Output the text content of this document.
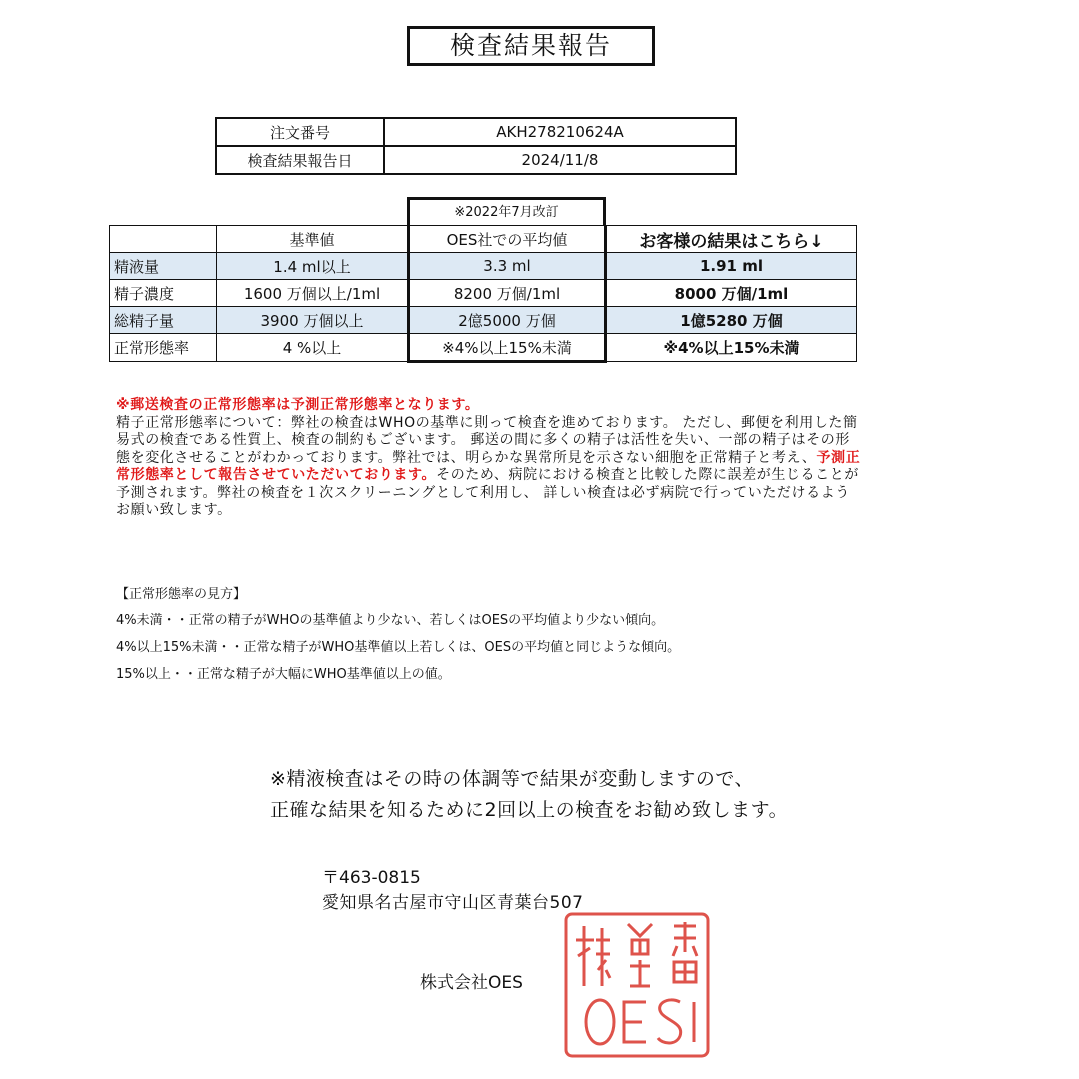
検査結果報告
注文番号	AKH278210624A
検査結果報告日	2024/11/8
※2022年7月改訂
	基準値	OES社での平均値	お客様の結果はこちら↓
精液量	1.4 ml以上	3.3 ml	1.91 ml
精子濃度	1600 万個以上/1ml	8200 万個/1ml	8000 万個/1ml
総精子量	3900 万個以上	2億5000 万個	1億5280 万個
正常形態率	4 %以上	※4%以上15%未満	※4%以上15%未満
※郵送検査の正常形態率は予測正常形態率となります。
精子正常形態率について：弊社の検査はWHOの基準に則って検査を進めております。 ただし、郵便を利用した簡易式の検査である性質上、検査の制約もございます。 郵送の間に多くの精子は活性を失い、一部の精子はその形態を変化させることがわかっております。弊社では、明らかな異常所見を示さない細胞を正常精子と考え、予測正常形態率として報告させていただいております。そのため、病院における検査と比較した際に誤差が生じることが予測されます。弊社の検査を１次スクリーニングとして利用し、 詳しい検査は必ず病院で行っていただけるようお願い致します。
【正常形態率の見方】
4%未満・・正常の精子がWHOの基準値より少ない、若しくはOESの平均値より少ない傾向。
4%以上15%未満・・正常な精子がWHO基準値以上若しくは、OESの平均値と同じような傾向。
15%以上・・正常な精子が大幅にWHO基準値以上の値。
※精液検査はその時の体調等で結果が変動しますので、
正確な結果を知るために2回以上の検査をお勧め致します。
〒463-0815
愛知県名古屋市守山区青葉台507
株式会社OES
